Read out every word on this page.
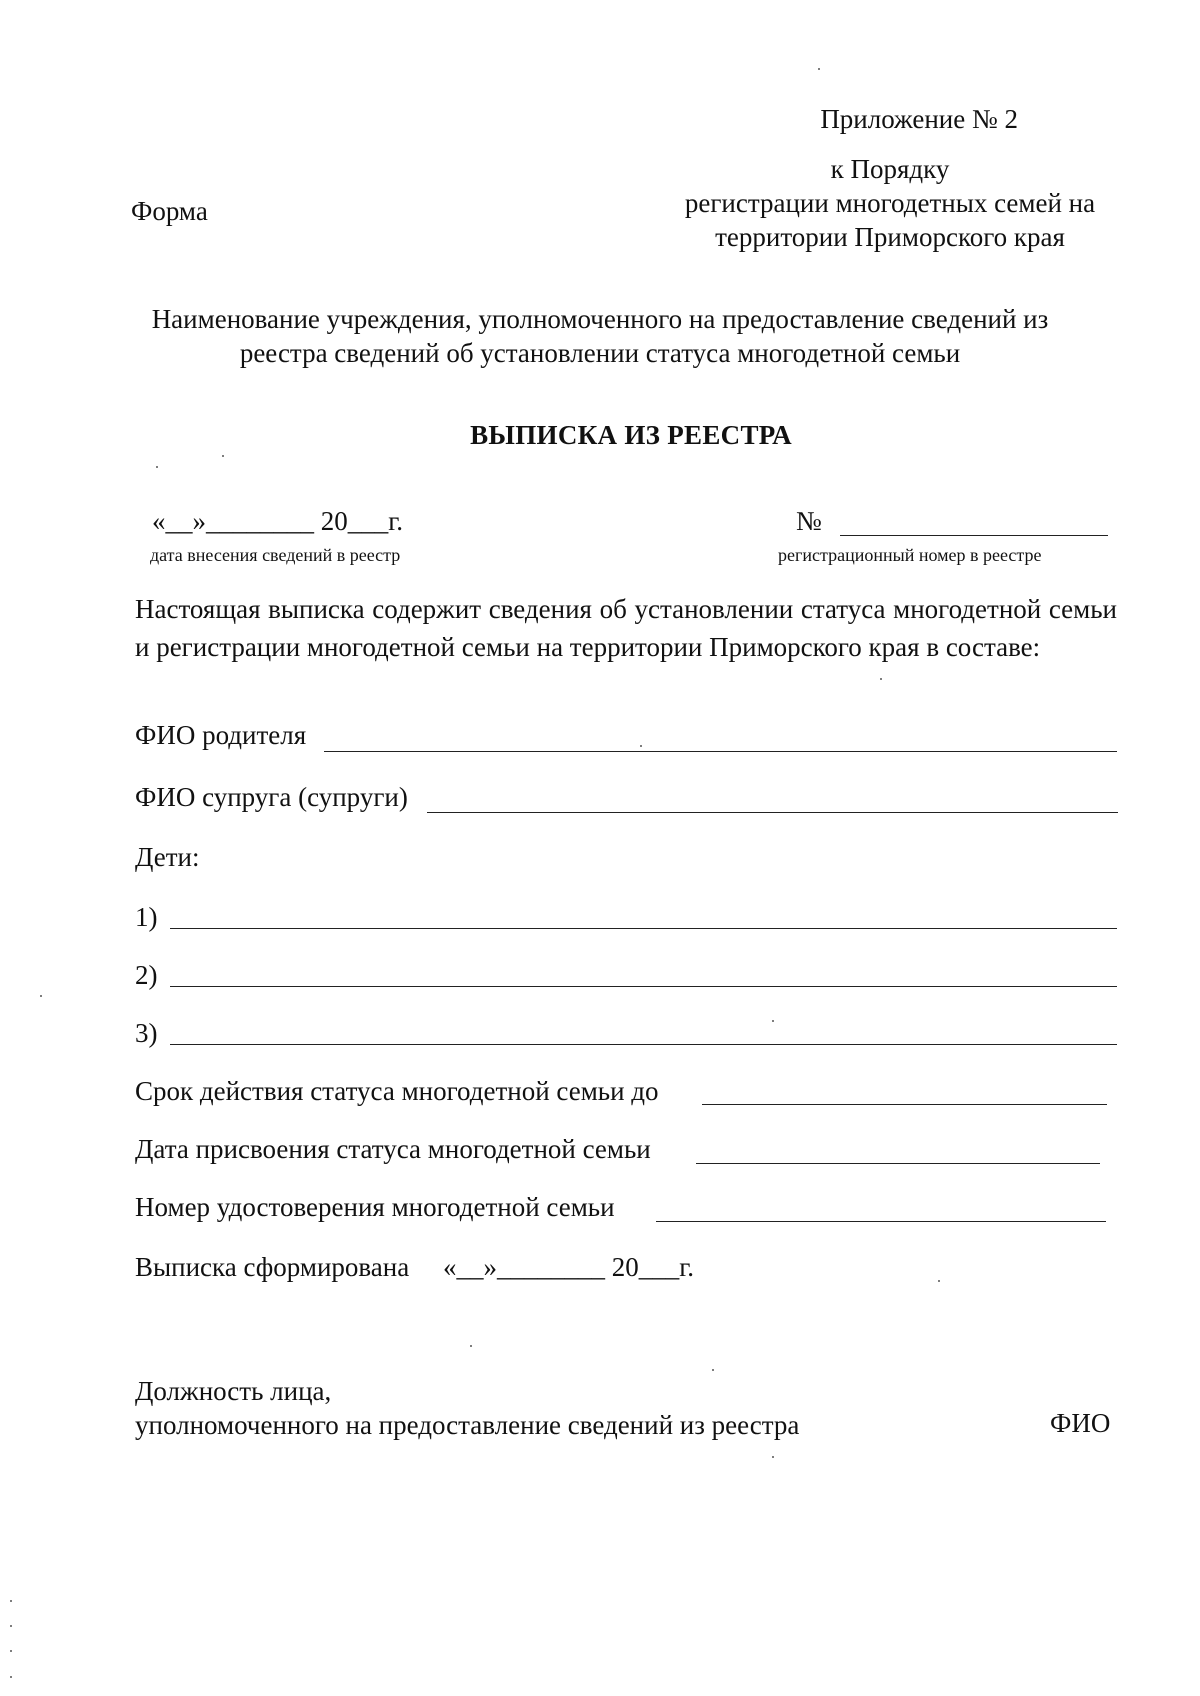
Приложение № 2
к Порядку
регистрации многодетных семей на
территории Приморского края
Форма
Наименование учреждения, уполномоченного на предоставление сведений из
реестра сведений об установлении статуса многодетной семьи
ВЫПИСКА ИЗ РЕЕСТРА
«__»________ 20___г.
дата внесения сведений в реестр
№
регистрационный номер в реестре
Настоящая выписка содержит сведения об установлении статуса многодетной семьи и регистрации многодетной семьи на территории Приморского края в составе:
ФИО родителя
ФИО супруга (супруги)
Дети:
1)
2)
3)
Срок действия статуса многодетной семьи до
Дата присвоения статуса многодетной семьи
Номер удостоверения многодетной семьи
Выписка сформирована «__»________ 20___г.
Должность лица,
уполномоченного на предоставление сведений из реестра	ФИО
